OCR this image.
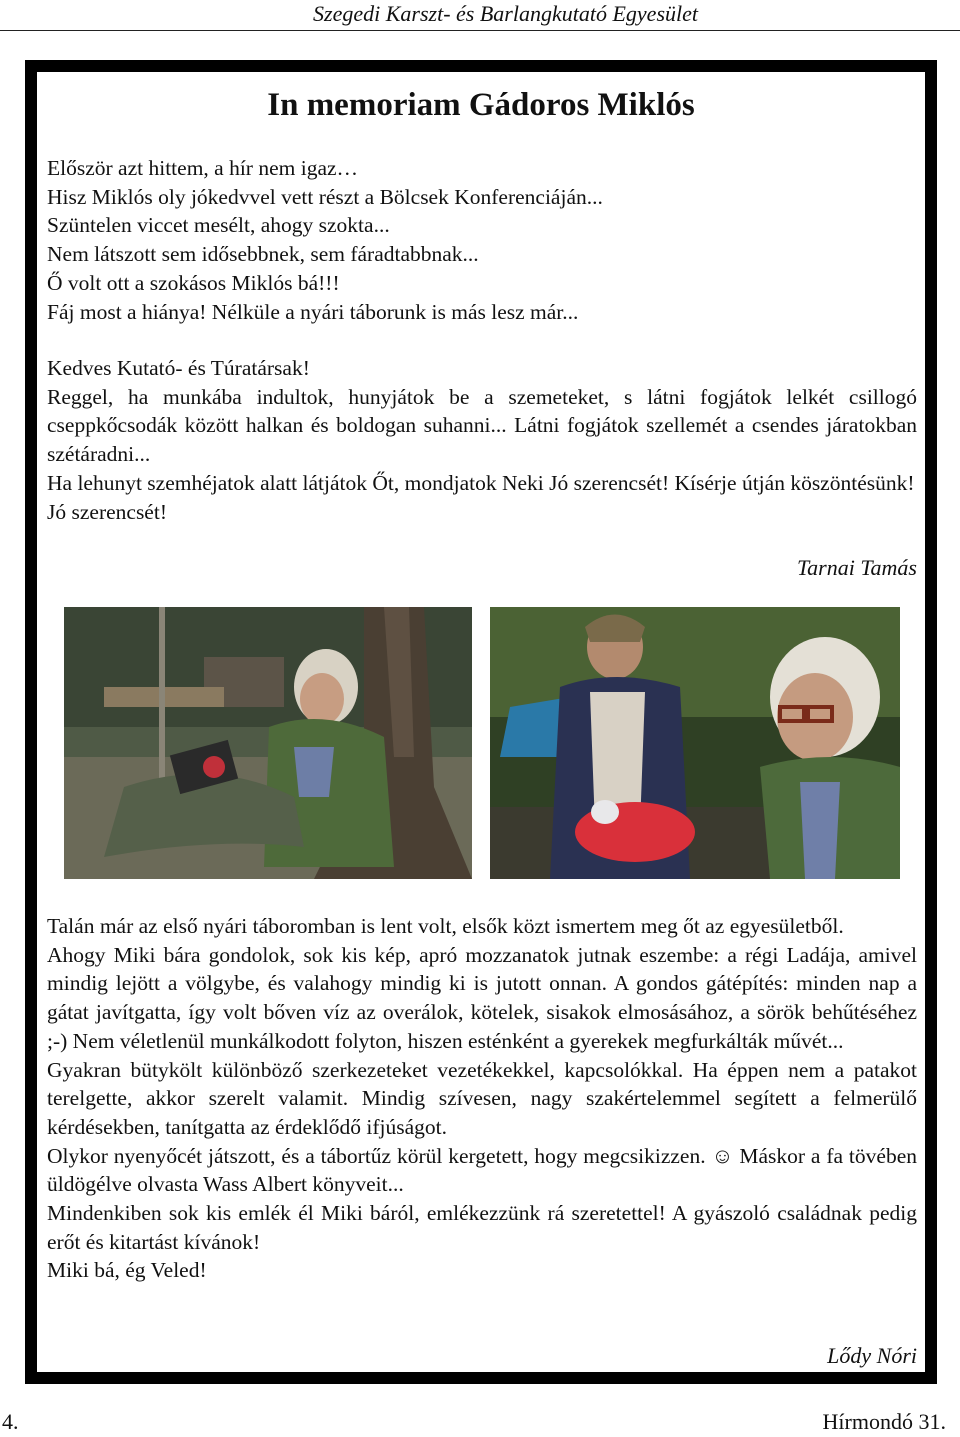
Szegedi Karszt- és Barlangkutató Egyesület
In memoriam Gádoros Miklós
Először azt hittem, a hír nem igaz…
Hisz Miklós oly jókedvvel vett részt a Bölcsek Konferenciáján...
Szüntelen viccet mesélt, ahogy szokta...
Nem látszott sem idősebbnek, sem fáradtabbnak...
Ő volt ott a szokásos Miklós bá!!!
Fáj most a hiánya! Nélküle a nyári táborunk is más lesz már...
Kedves Kutató- és Túratársak!
Reggel, ha munkába indultok, hunyjátok be a szemeteket, s látni fogjátok lelkét csillogó cseppkőcsodák között halkan és boldogan suhanni... Látni fogjátok szellemét a csendes járatokban szétáradni...
Ha lehunyt szemhéjatok alatt látjátok Őt, mondjatok Neki Jó szerencsét! Kísérje útján köszöntésünk!
Jó szerencsét!
Tarnai Tamás
Talán már az első nyári táboromban is lent volt, elsők közt ismertem meg őt az egyesületből.
Ahogy Miki bára gondolok, sok kis kép, apró mozzanatok jutnak eszembe: a régi Ladája, amivel mindig lejött a völgybe, és valahogy mindig ki is jutott onnan. A gondos gátépítés: minden nap a gátat javítgatta, így volt bőven víz az overálok, kötelek, sisakok elmosásához, a sörök behűtéséhez ;-) Nem véletlenül munkálkodott folyton, hiszen esténként a gyerekek megfurkálták művét...
Gyakran bütykölt különböző szerkezeteket vezetékekkel, kapcsolókkal. Ha éppen nem a patakot terelgette, akkor szerelt valamit. Mindig szívesen, nagy szakértelemmel segített a felmerülő kérdésekben, tanítgatta az érdeklődő ifjúságot.
Olykor nyenyőcét játszott, és a tábortűz körül kergetett, hogy megcsikizzen. ☺ Máskor a fa tövében üldögélve olvasta Wass Albert könyveit...
Mindenkiben sok kis emlék él Miki báról, emlékezzünk rá szeretettel! A gyászoló családnak pedig erőt és kitartást kívánok!
Miki bá, ég Veled!
Lődy Nóri
4.	Hírmondó 31.
